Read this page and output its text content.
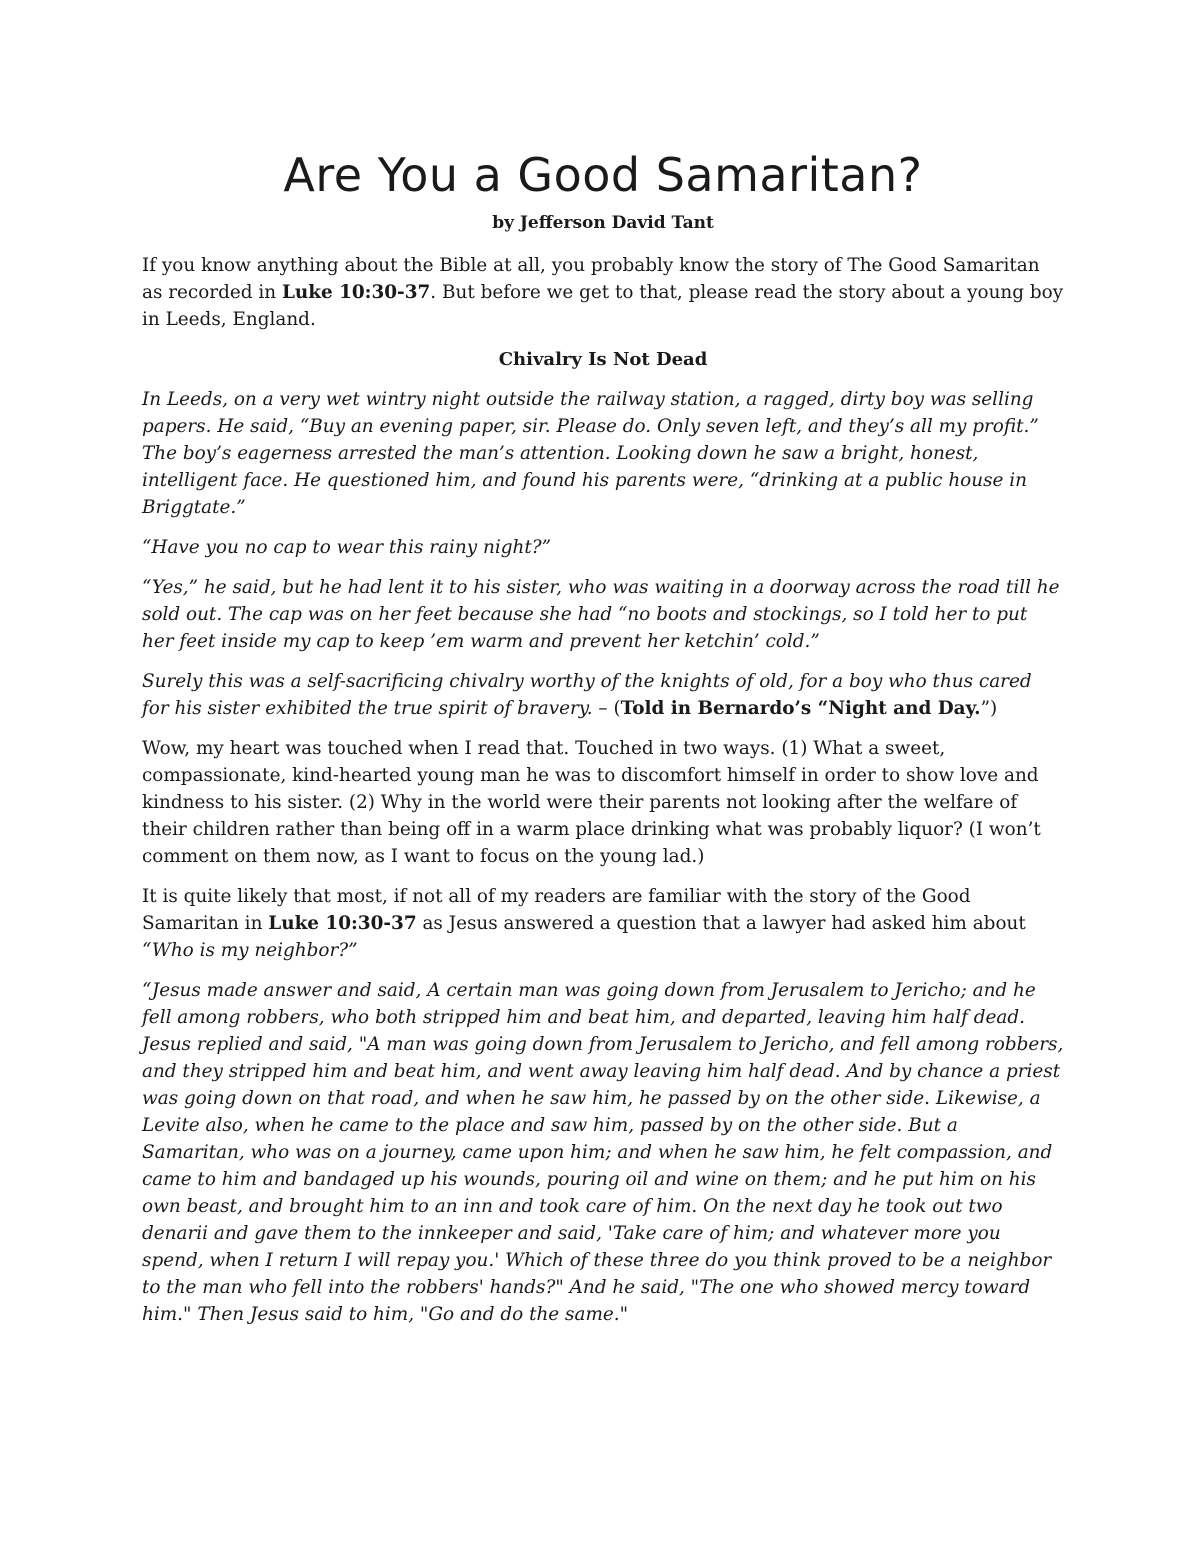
Are You a Good Samaritan?
by Jefferson David Tant

If you know anything about the Bible at all, you probably know the story of The Good Samaritan as recorded in Luke 10:30-37. But before we get to that, please read the story about a young boy in Leeds, England.

Chivalry Is Not Dead

In Leeds, on a very wet wintry night outside the railway station, a ragged, dirty boy was selling papers. He said, “Buy an evening paper, sir. Please do. Only seven left, and they’s all my profit.” The boy’s eagerness arrested the man’s attention. Looking down he saw a bright, honest, intelligent face. He questioned him, and found his parents were, “drinking at a public house in Briggtate.”

“Have you no cap to wear this rainy night?”

“Yes,” he said, but he had lent it to his sister, who was waiting in a doorway across the road till he sold out. The cap was on her feet because she had “no boots and stockings, so I told her to put her feet inside my cap to keep ’em warm and prevent her ketchin’ cold.”

Surely this was a self-sacrificing chivalry worthy of the knights of old, for a boy who thus cared for his sister exhibited the true spirit of bravery. – (Told in Bernardo’s “Night and Day.”)

Wow, my heart was touched when I read that. Touched in two ways. (1) What a sweet, compassionate, kind-hearted young man he was to discomfort himself in order to show love and kindness to his sister. (2) Why in the world were their parents not looking after the welfare of their children rather than being off in a warm place drinking what was probably liquor? (I won’t comment on them now, as I want to focus on the young lad.)

It is quite likely that most, if not all of my readers are familiar with the story of the Good Samaritan in Luke 10:30-37 as Jesus answered a question that a lawyer had asked him about “Who is my neighbor?”

“Jesus made answer and said, A certain man was going down from Jerusalem to Jericho; and he fell among robbers, who both stripped him and beat him, and departed, leaving him half dead. Jesus replied and said, "A man was going down from Jerusalem to Jericho, and fell among robbers, and they stripped him and beat him, and went away leaving him half dead. And by chance a priest was going down on that road, and when he saw him, he passed by on the other side. Likewise, a Levite also, when he came to the place and saw him, passed by on the other side. But a Samaritan, who was on a journey, came upon him; and when he saw him, he felt compassion, and came to him and bandaged up his wounds, pouring oil and wine on them; and he put him on his own beast, and brought him to an inn and took care of him. On the next day he took out two denarii and gave them to the innkeeper and said, 'Take care of him; and whatever more you spend, when I return I will repay you.' Which of these three do you think proved to be a neighbor to the man who fell into the robbers' hands?" And he said, "The one who showed mercy toward him." Then Jesus said to him, "Go and do the same."
